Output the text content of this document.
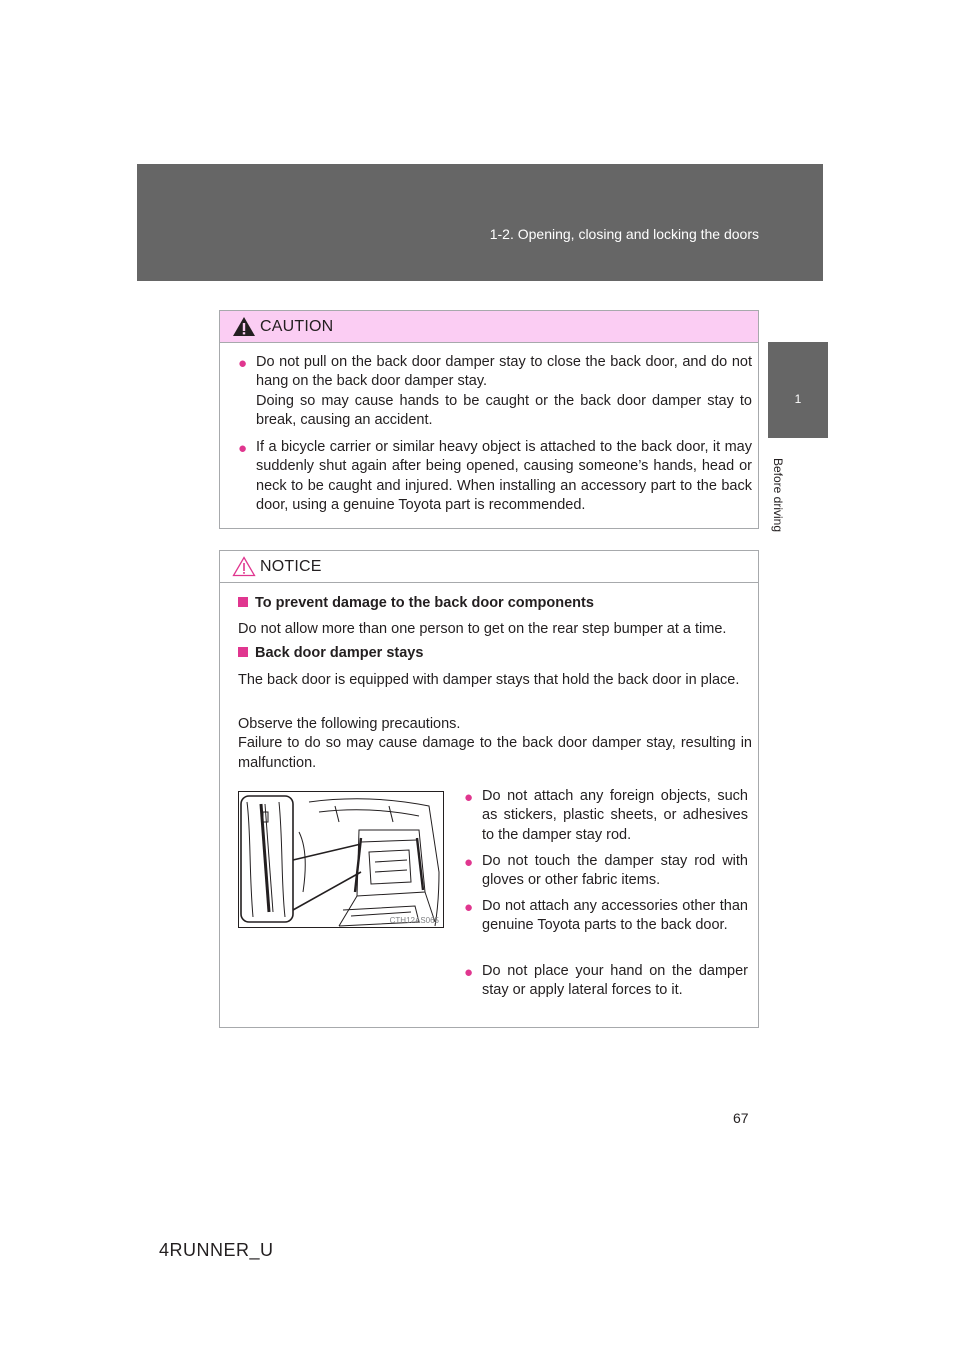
1-2. Opening, closing and locking the doors
1
Before driving
CAUTION
● Do not pull on the back door damper stay to close the back door, and do not hang on the back door damper stay.
Doing so may cause hands to be caught or the back door damper stay to break, causing an accident.
● If a bicycle carrier or similar heavy object is attached to the back door, it may suddenly shut again after being opened, causing someone’s hands, head or neck to be caught and injured. When installing an accessory part to the back door, using a genuine Toyota part is recommended.
NOTICE
To prevent damage to the back door components
Do not allow more than one person to get on the rear step bumper at a time.
Back door damper stays
The back door is equipped with damper stays that hold the back door in place.
Observe the following precautions.
Failure to do so may cause damage to the back door damper stay, resulting in malfunction.
CTH12AS065
● Do not attach any foreign objects, such as stickers, plastic sheets, or adhesives to the damper stay rod.
● Do not touch the damper stay rod with gloves or other fabric items.
● Do not attach any accessories other than genuine Toyota parts to the back door.
● Do not place your hand on the damper stay or apply lateral forces to it.
67
4RUNNER_U
